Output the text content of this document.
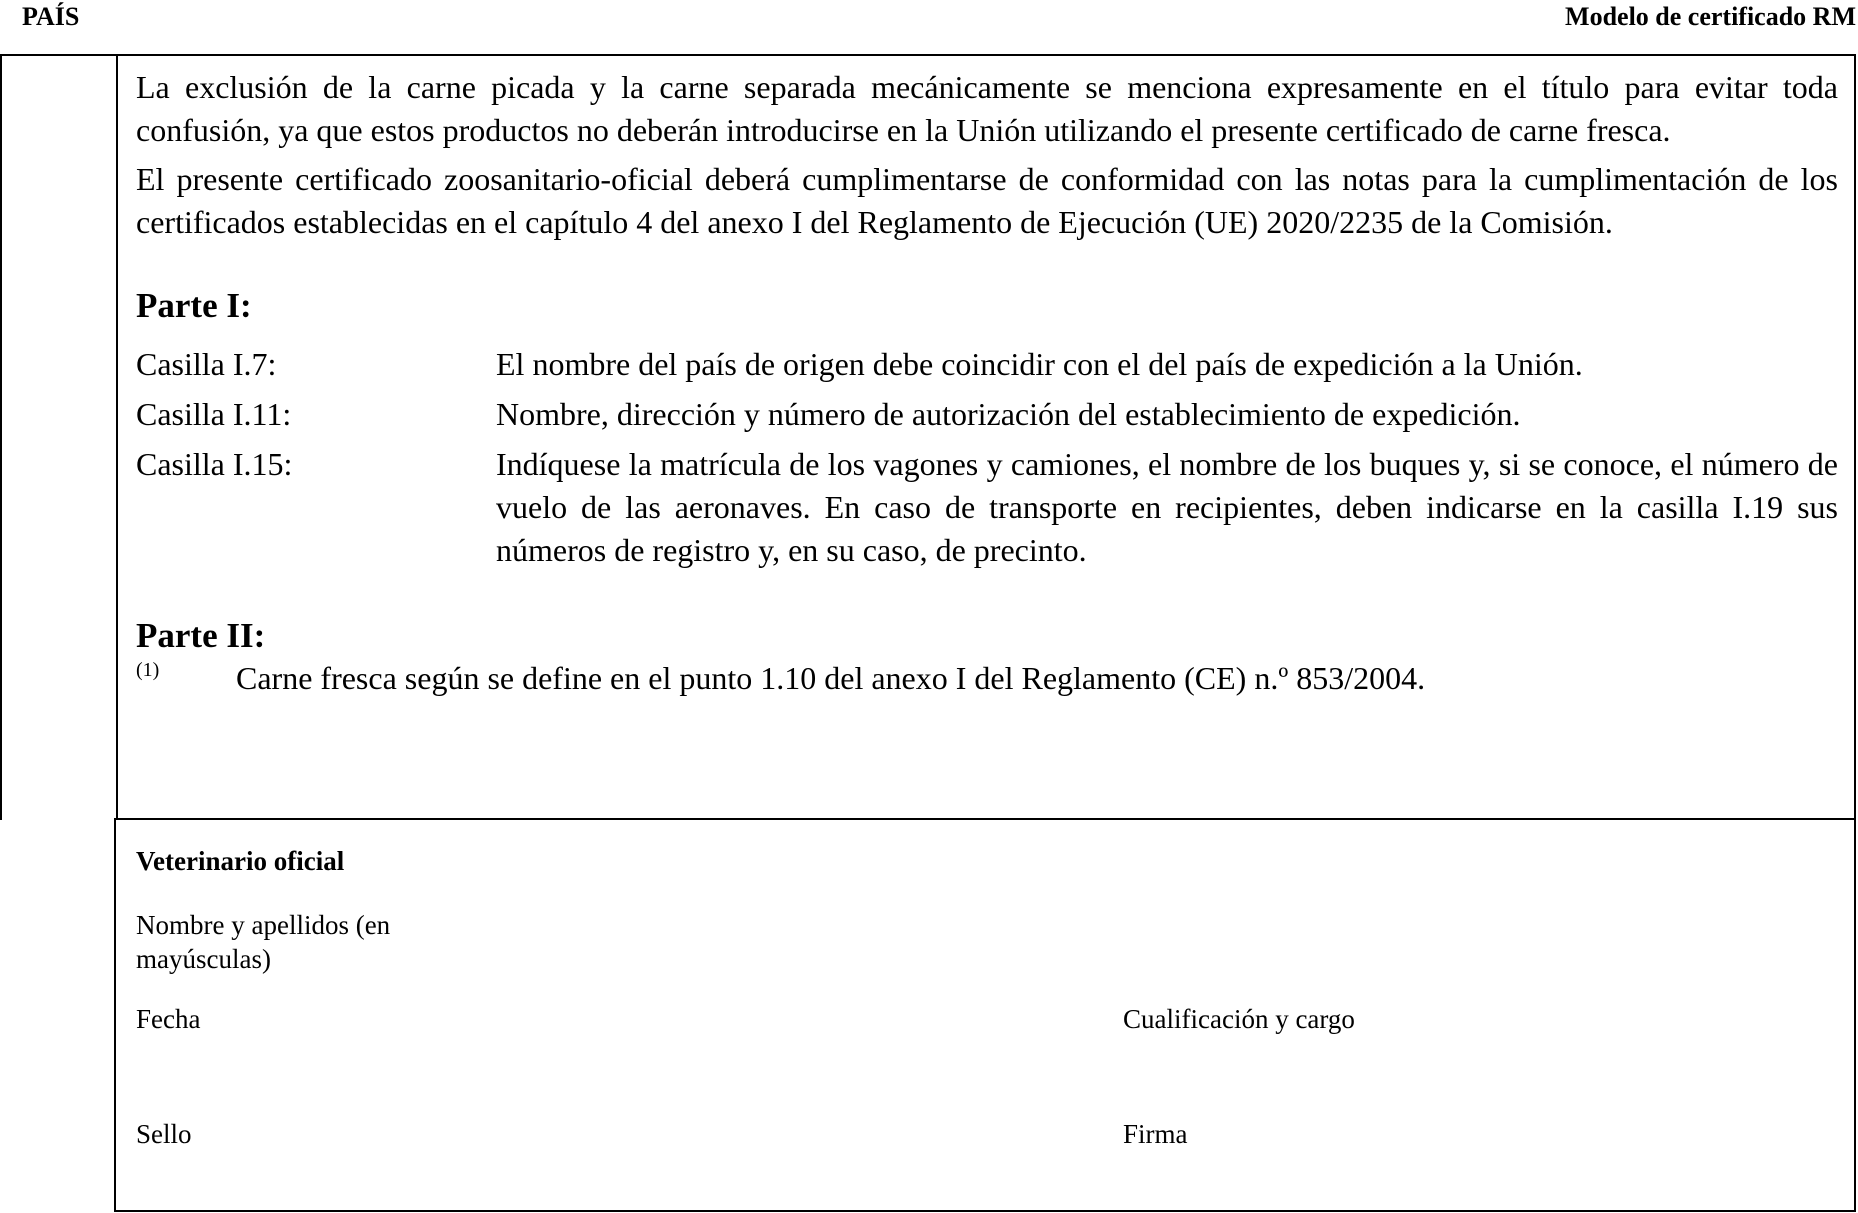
PAÍS	Modelo de certificado RM

La exclusión de la carne picada y la carne separada mecánicamente se menciona expresamente en el título para evitar toda confusión, ya que estos productos no deberán introducirse en la Unión utilizando el presente certificado de carne fresca.

El presente certificado zoosanitario-oficial deberá cumplimentarse de conformidad con las notas para la cumplimentación de los certificados establecidas en el capítulo 4 del anexo I del Reglamento de Ejecución (UE) 2020/2235 de la Comisión.

Parte I:

Casilla I.7:	El nombre del país de origen debe coincidir con el del país de expedición a la Unión.
Casilla I.11:	Nombre, dirección y número de autorización del establecimiento de expedición.
Casilla I.15:	Indíquese la matrícula de los vagones y camiones, el nombre de los buques y, si se conoce, el número de vuelo de las aeronaves. En caso de transporte en recipientes, deben indicarse en la casilla I.19 sus números de registro y, en su caso, de precinto.

Parte II:

(1)	Carne fresca según se define en el punto 1.10 del anexo I del Reglamento (CE) n.º 853/2004.
Veterinario oficial
Nombre y apellidos (en mayúsculas)
Fecha	Cualificación y cargo
Sello	Firma
